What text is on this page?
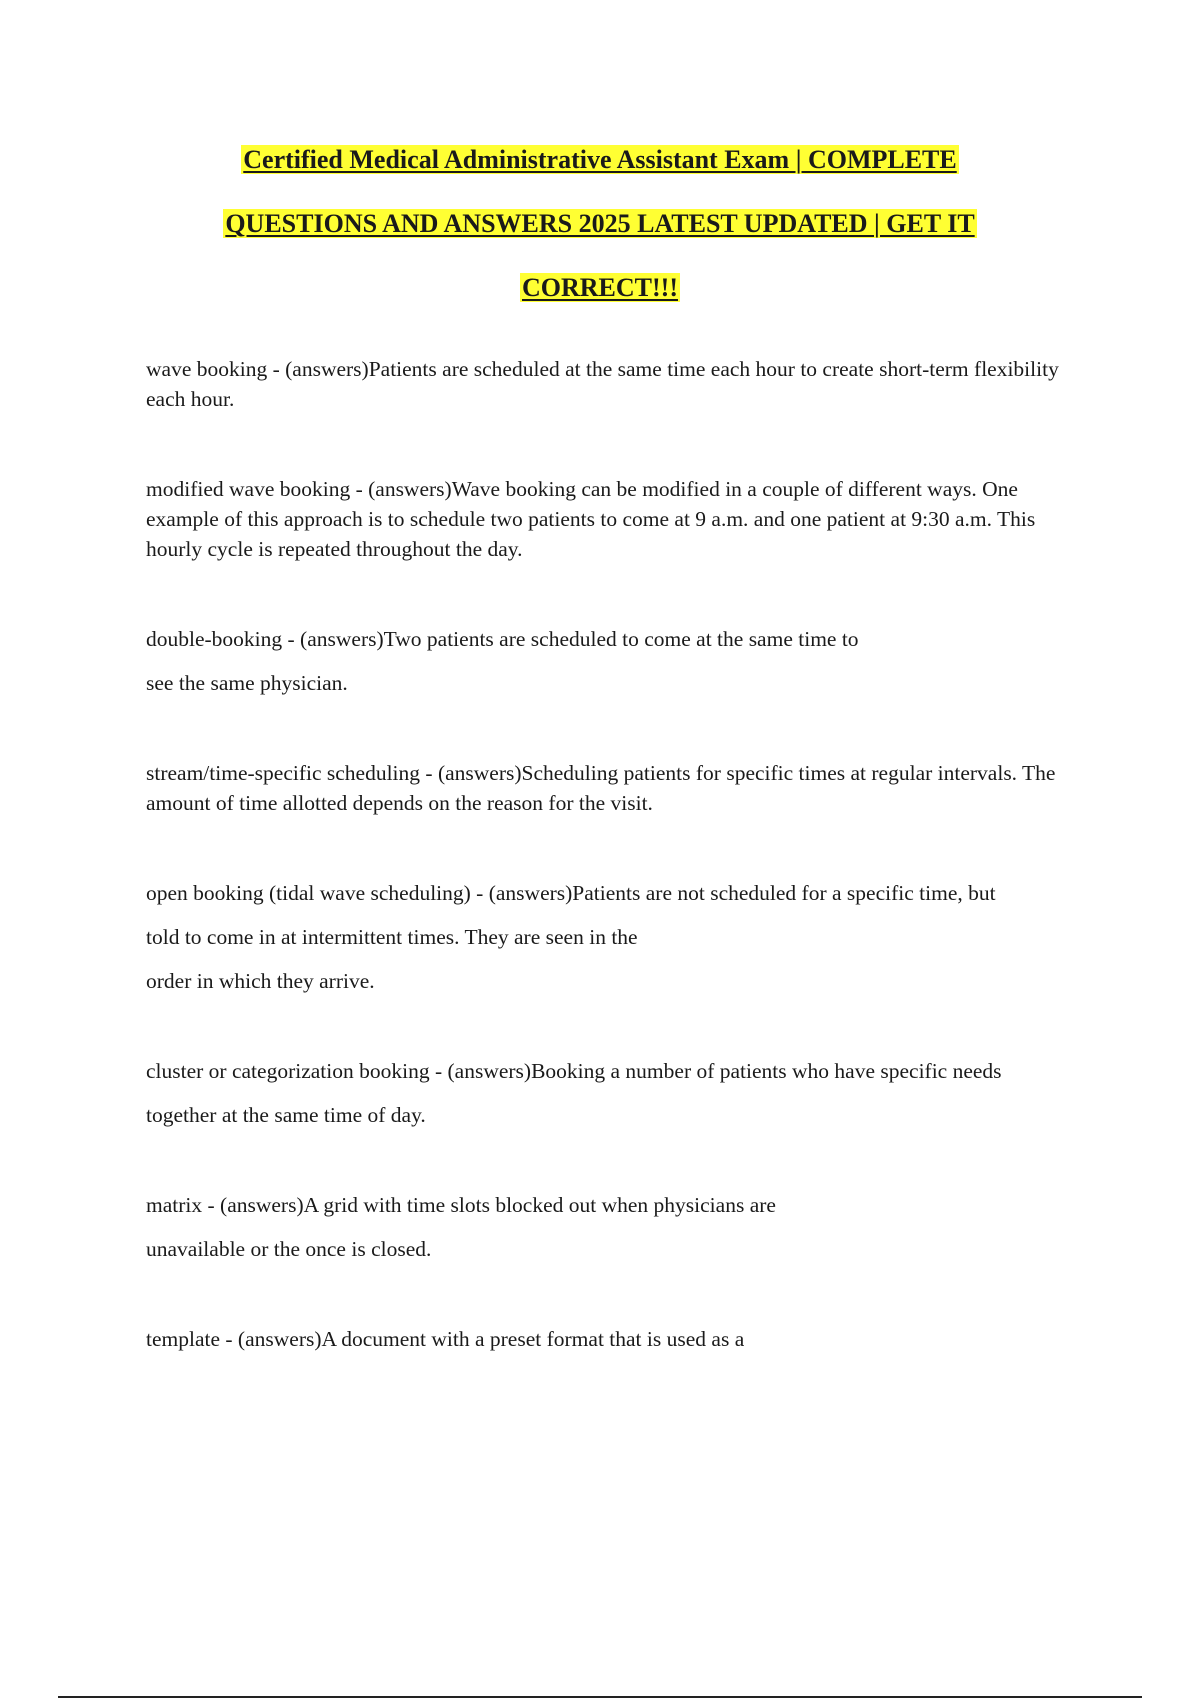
Certified Medical Administrative Assistant Exam | COMPLETE
QUESTIONS AND ANSWERS 2025 LATEST UPDATED | GET IT
CORRECT!!!

wave booking - (answers)Patients are scheduled at the same time each hour to create short-term flexibility each hour.

modified wave booking - (answers)Wave booking can be modified in a couple of different ways. One example of this approach is to schedule two patients to come at 9 a.m. and one patient at 9:30 a.m. This hourly cycle is repeated throughout the day.

double-booking - (answers)Two patients are scheduled to come at the same time to

see the same physician.

stream/time-specific scheduling - (answers)Scheduling patients for specific times at regular intervals. The amount of time allotted depends on the reason for the visit.

open booking (tidal wave scheduling) - (answers)Patients are not scheduled for a specific time, but

told to come in at intermittent times. They are seen in the

order in which they arrive.

cluster or categorization booking - (answers)Booking a number of patients who have specific needs

together at the same time of day.

matrix - (answers)A grid with time slots blocked out when physicians are

unavailable or the once is closed.

template - (answers)A document with a preset format that is used as a
